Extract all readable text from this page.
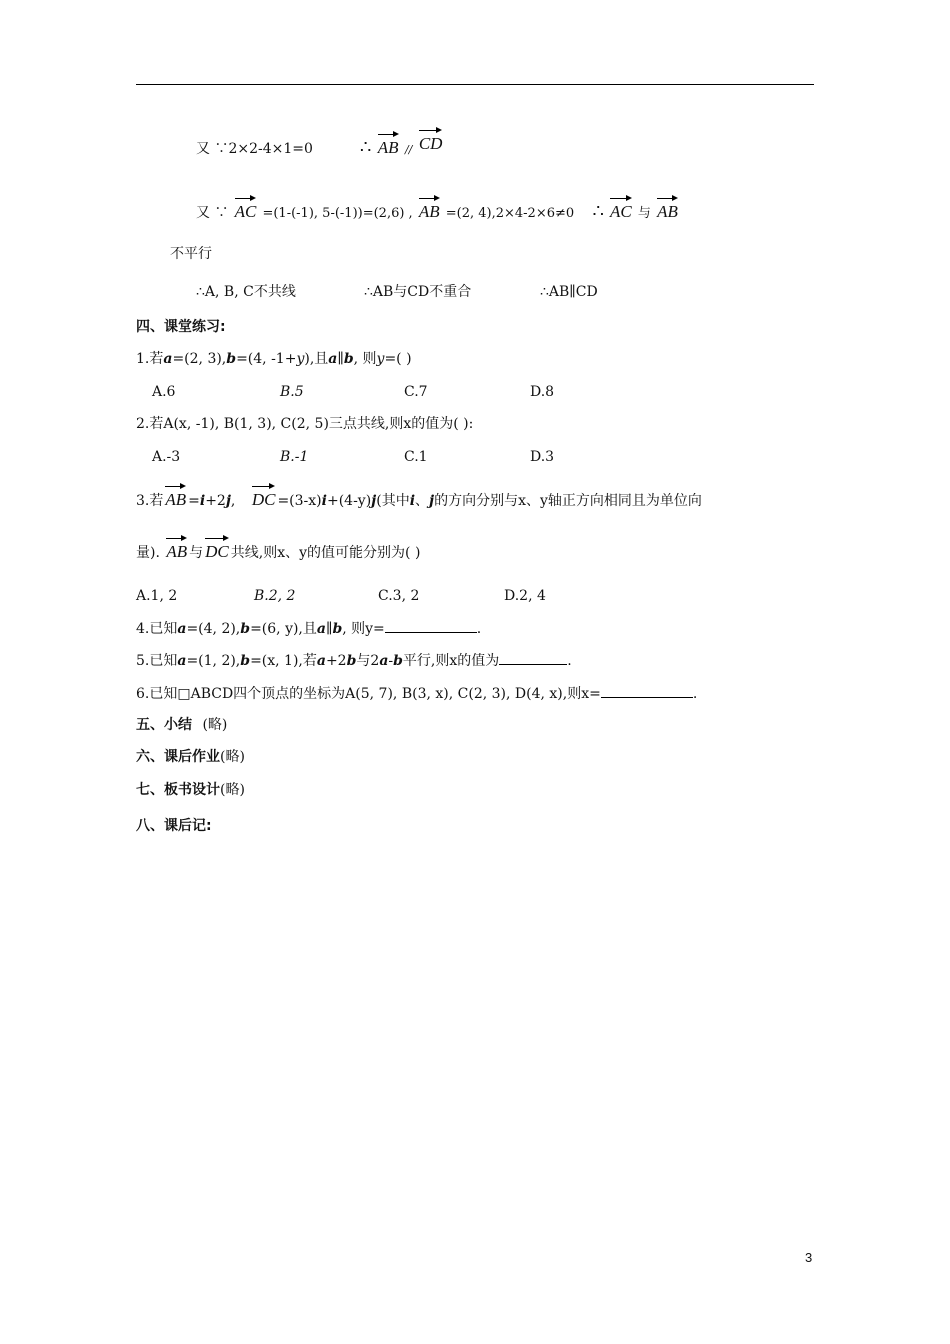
又 ∵2×2-4×1=0	∴ AB // CD
又 ∵ AC =(1-(-1), 5-(-1))=(2,6) , AB =(2, 4),2×4-2×6≠0 ∴ AC 与 AB
不平行
∴A, B, C不共线	∴AB与CD不重合	∴AB∥CD
四、课堂练习:
1.若a=(2, 3),b=(4, -1+y),且a∥b, 则y=( )
A.6	B.5	C.7	D.8
2.若A(x, -1), B(1, 3), C(2, 5)三点共线,则x的值为( ):
A.-3	B.-1	C.1	D.3
3.若 AB =i+2j, DC =(3-x)i+(4-y)j(其中i、j的方向分别与x、y轴正方向相同且为单位向
量). AB 与 DC 共线,则x、y的值可能分别为( )
A.1, 2	B.2, 2	C.3, 2	D.2, 4
4.已知a=(4, 2),b=(6, y),且a∥b, 则y=	.
5.已知a=(1, 2),b=(x, 1),若a+2b与2a-b平行,则x的值为	.
6.已知□ABCD四个顶点的坐标为A(5, 7), B(3, x), C(2, 3), D(4, x),则x=	.
五、小结 (略)
六、课后作业(略)
七、板书设计(略)
八、课后记:
3
